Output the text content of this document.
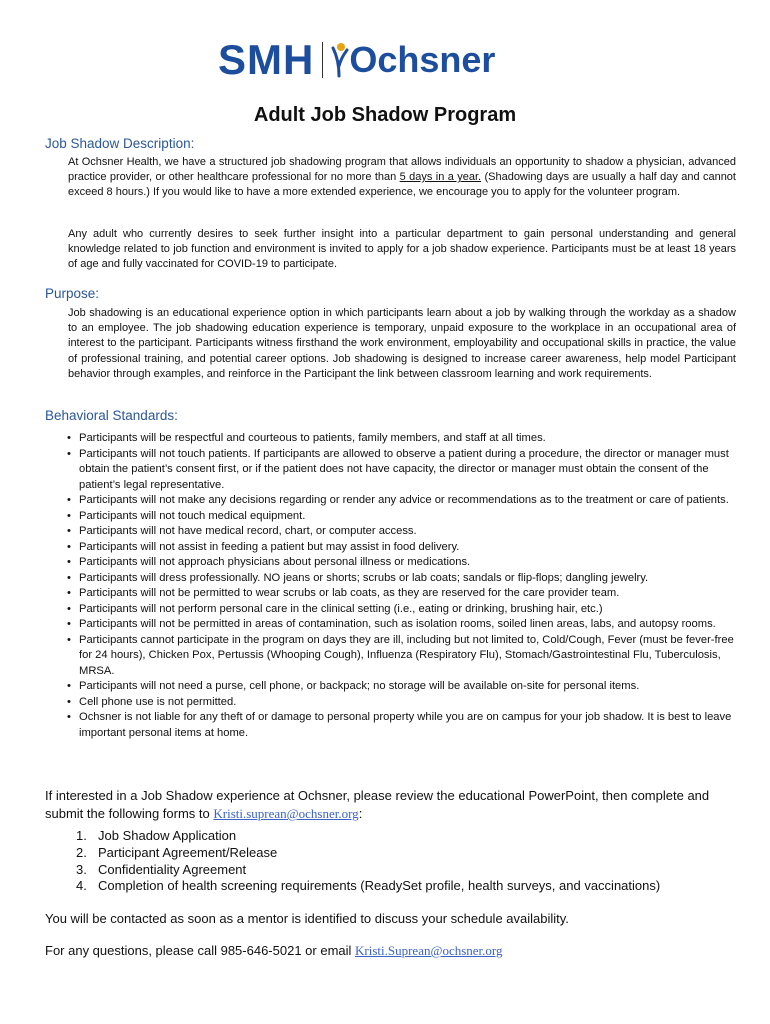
SMH Ochsner
Adult Job Shadow Program
Job Shadow Description:
At Ochsner Health, we have a structured job shadowing program that allows individuals an opportunity to shadow a physician, advanced practice provider, or other healthcare professional for no more than 5 days in a year. (Shadowing days are usually a half day and cannot exceed 8 hours.) If you would like to have a more extended experience, we encourage you to apply for the volunteer program.
Any adult who currently desires to seek further insight into a particular department to gain personal understanding and general knowledge related to job function and environment is invited to apply for a job shadow experience. Participants must be at least 18 years of age and fully vaccinated for COVID-19 to participate.
Purpose:
Job shadowing is an educational experience option in which participants learn about a job by walking through the workday as a shadow to an employee. The job shadowing education experience is temporary, unpaid exposure to the workplace in an occupational area of interest to the participant. Participants witness firsthand the work environment, employability and occupational skills in practice, the value of professional training, and potential career options. Job shadowing is designed to increase career awareness, help model Participant behavior through examples, and reinforce in the Participant the link between classroom learning and work requirements.
Behavioral Standards:
• Participants will be respectful and courteous to patients, family members, and staff at all times.
• Participants will not touch patients. If participants are allowed to observe a patient during a procedure, the director or manager must obtain the patient’s consent first, or if the patient does not have capacity, the director or manager must obtain the consent of the patient’s legal representative.
• Participants will not make any decisions regarding or render any advice or recommendations as to the treatment or care of patients.
• Participants will not touch medical equipment.
• Participants will not have medical record, chart, or computer access.
• Participants will not assist in feeding a patient but may assist in food delivery.
• Participants will not approach physicians about personal illness or medications.
• Participants will dress professionally. NO jeans or shorts; scrubs or lab coats; sandals or flip-flops; dangling jewelry.
• Participants will not be permitted to wear scrubs or lab coats, as they are reserved for the care provider team.
• Participants will not perform personal care in the clinical setting (i.e., eating or drinking, brushing hair, etc.)
• Participants will not be permitted in areas of contamination, such as isolation rooms, soiled linen areas, labs, and autopsy rooms.
• Participants cannot participate in the program on days they are ill, including but not limited to, Cold/Cough, Fever (must be fever-free for 24 hours), Chicken Pox, Pertussis (Whooping Cough), Influenza (Respiratory Flu), Stomach/Gastrointestinal Flu, Tuberculosis, MRSA.
• Participants will not need a purse, cell phone, or backpack; no storage will be available on-site for personal items.
• Cell phone use is not permitted.
• Ochsner is not liable for any theft of or damage to personal property while you are on campus for your job shadow. It is best to leave important personal items at home.
If interested in a Job Shadow experience at Ochsner, please review the educational PowerPoint, then complete and submit the following forms to Kristi.suprean@ochsner.org:
1. Job Shadow Application
2. Participant Agreement/Release
3. Confidentiality Agreement
4. Completion of health screening requirements (ReadySet profile, health surveys, and vaccinations)
You will be contacted as soon as a mentor is identified to discuss your schedule availability.
For any questions, please call 985-646-5021 or email Kristi.Suprean@ochsner.org
